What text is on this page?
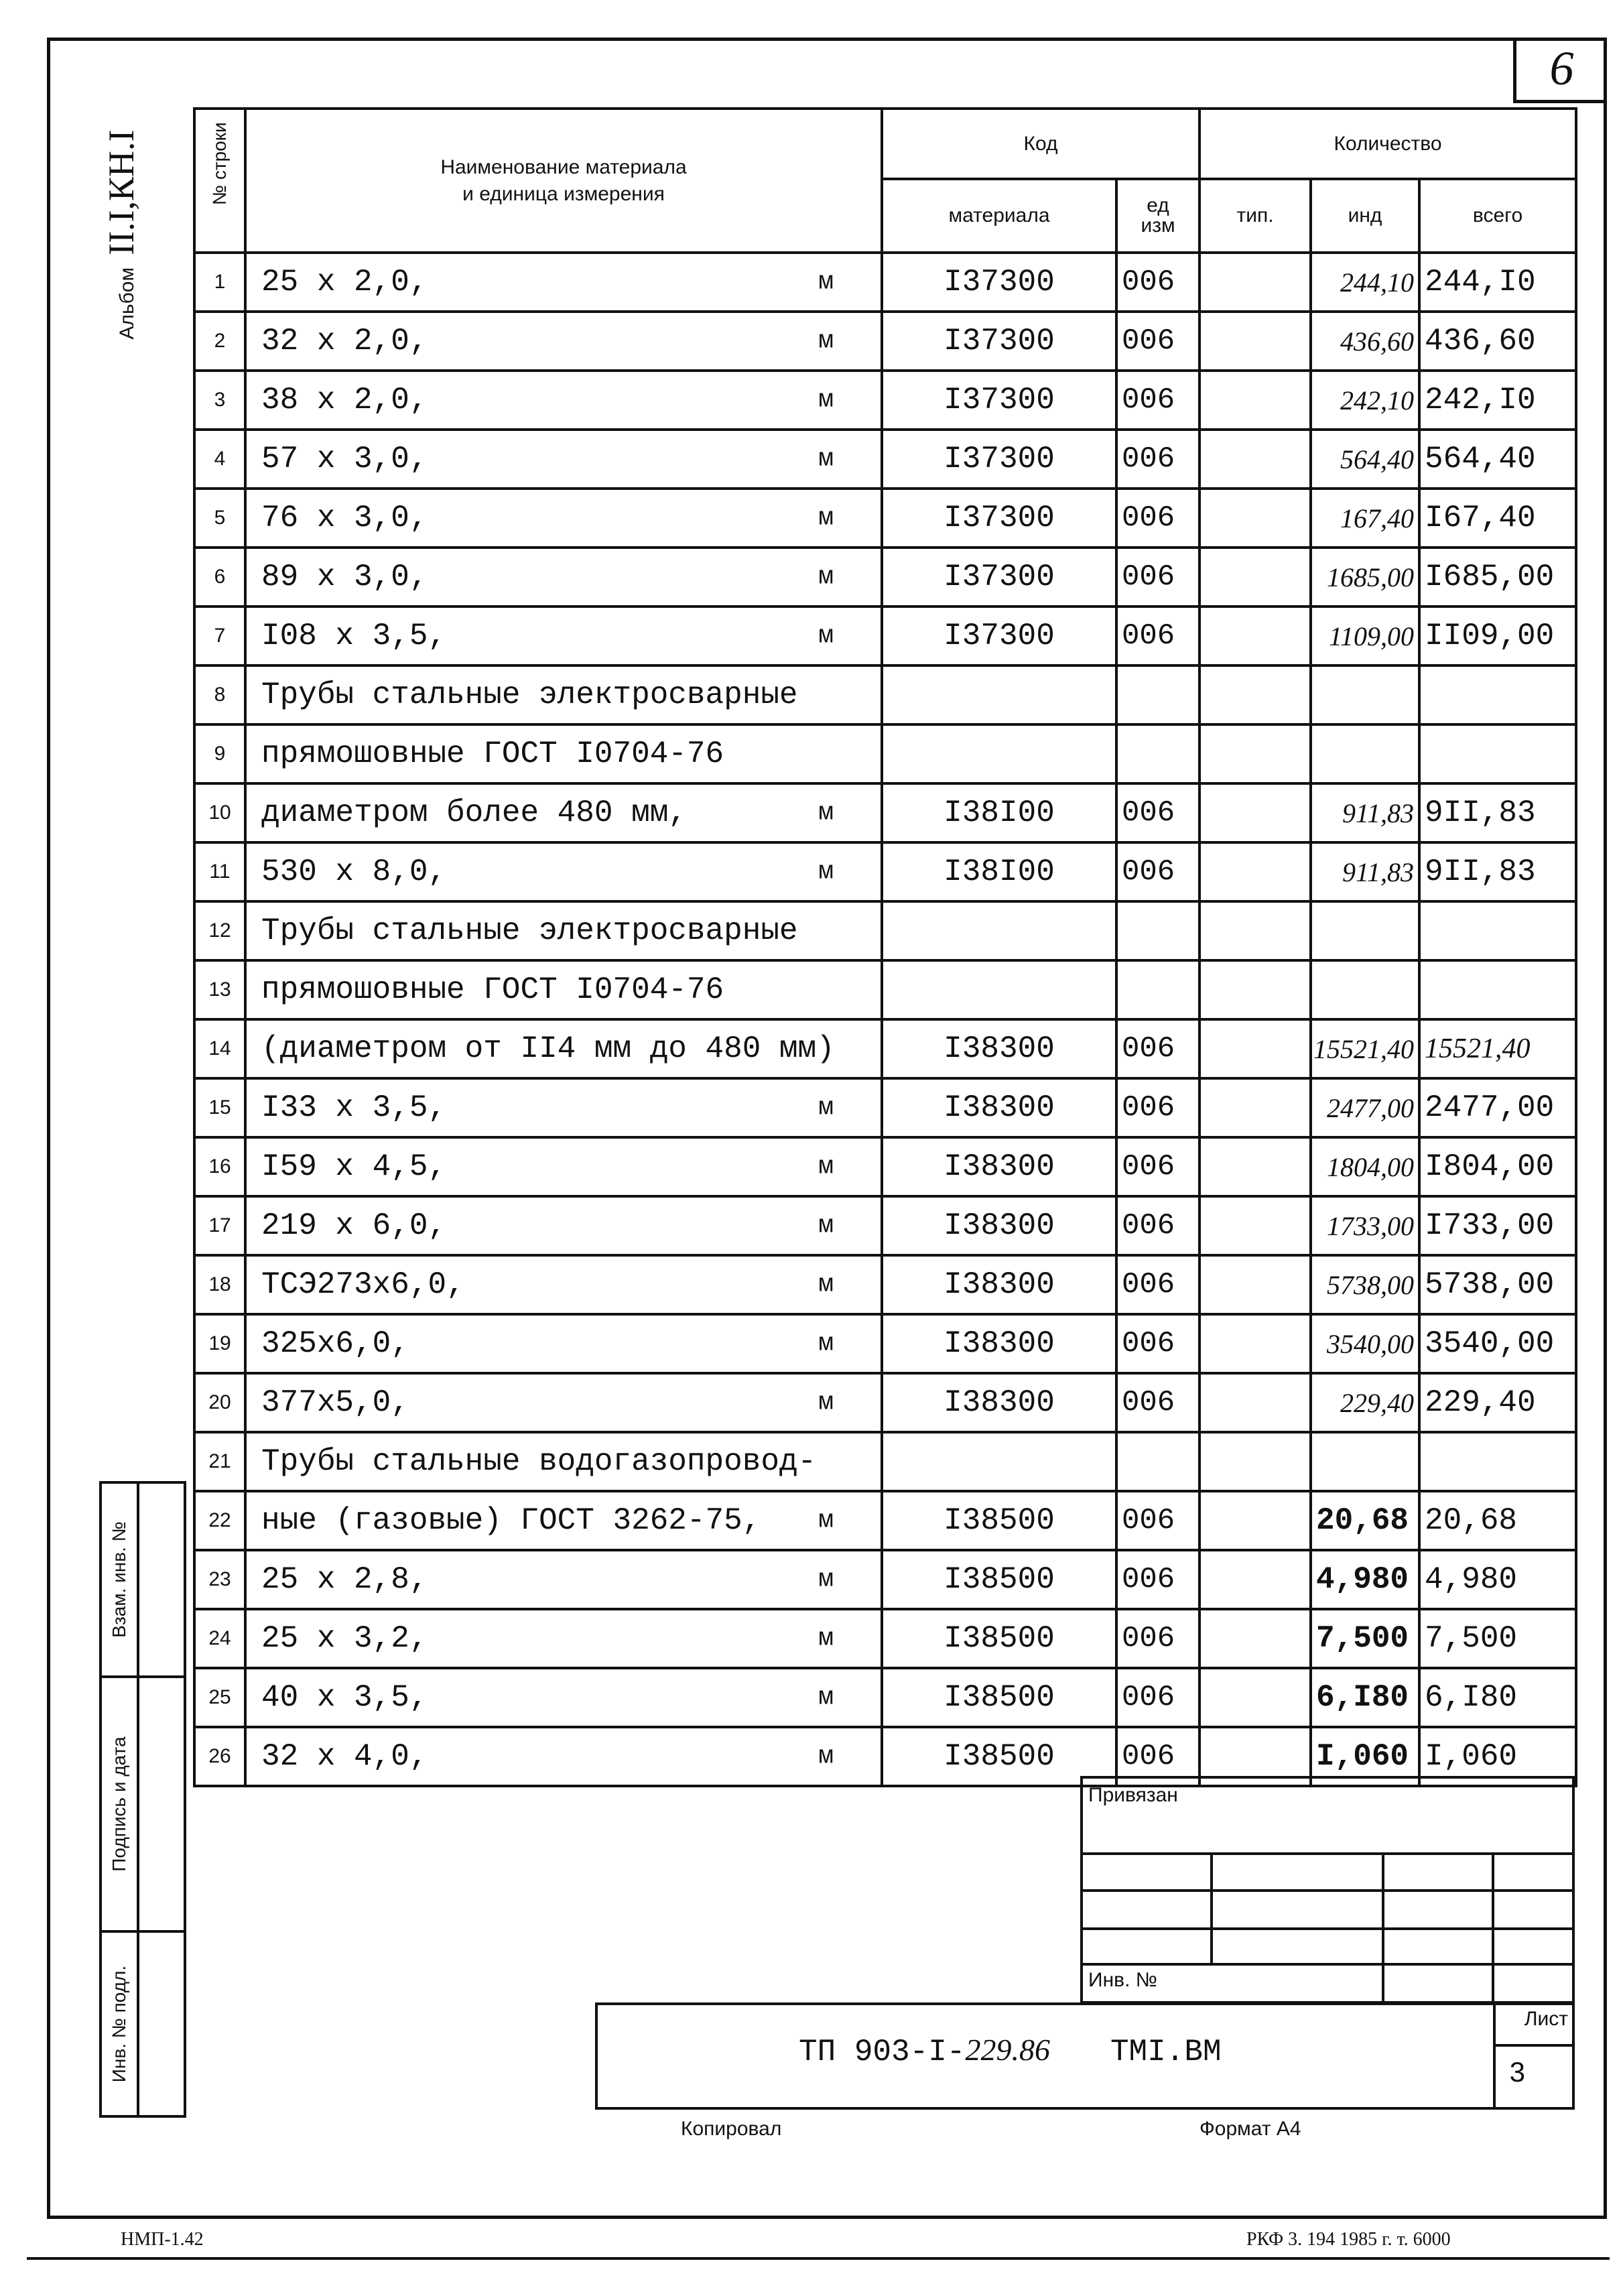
6
АльбомII.I,КН.I	№ строки	Наименование материала
и единица измерения	Код		Количество		
		материала	ед
изм	тип.	инд	всего
1	25 x 2,0, м	I37300	006		244,10	244,I0
2	32 x 2,0, м	I37300	006		436,60	436,60
3	38 x 2,0, м	I37300	006		242,10	242,I0
4	57 x 3,0, м	I37300	006		564,40	564,40
5	76 x 3,0, м	I37300	006		167,40	I67,40
6	89 x 3,0, м	I37300	006		1685,00	I685,00
7	I08 x 3,5, м	I37300	006		1109,00	II09,00
8	Трубы стальные электросварные

9	прямошовные ГОСТ I0704-76

10	диаметром более 480 мм, м	I38I00	006		911,83	9II,83
11	530 x 8,0, м	I38I00	006		911,83	9II,83
12	Трубы стальные электросварные

13	прямошовные ГОСТ I0704-76

14	(диаметром от II4 мм до 480 мм)	I38300	006		15521,40	15521,40
15	I33 x 3,5, м	I38300	006		2477,00	2477,00
16	I59 x 4,5, м	I38300	006		1804,00	I804,00
17	219 x 6,0, м	I38300	006		1733,00	I733,00
18	ТСЭ273х6,0, м	I38300	006		5738,00	5738,00
19	325х6,0, м	I38300	006		3540,00	3540,00
20	377х5,0, м	I38300	006		229,40	229,40
21	Трубы стальные водогазопровод-

22	ные (газовые) ГОСТ 3262-75, м	I38500	006		20,68	20,68
23	25 x 2,8, м	I38500	006		4,980	4,980
24	25 x 3,2, м	I38500	006		7,500	7,500
25	40 x 3,5, м	I38500	006		6,I80	6,I80
26	32 x 4,0, м	I38500	006		I,060	I,060
Взам. инв. №
Подпись и дата
Инв. № подл.
Привязан
Инв. №
ТП 903-I-229.86 ТМI.ВМ
Лист
3
Копировал	Формат А4
НМП-1.42	РКФ 3. 194 1985 г. т. 6000
